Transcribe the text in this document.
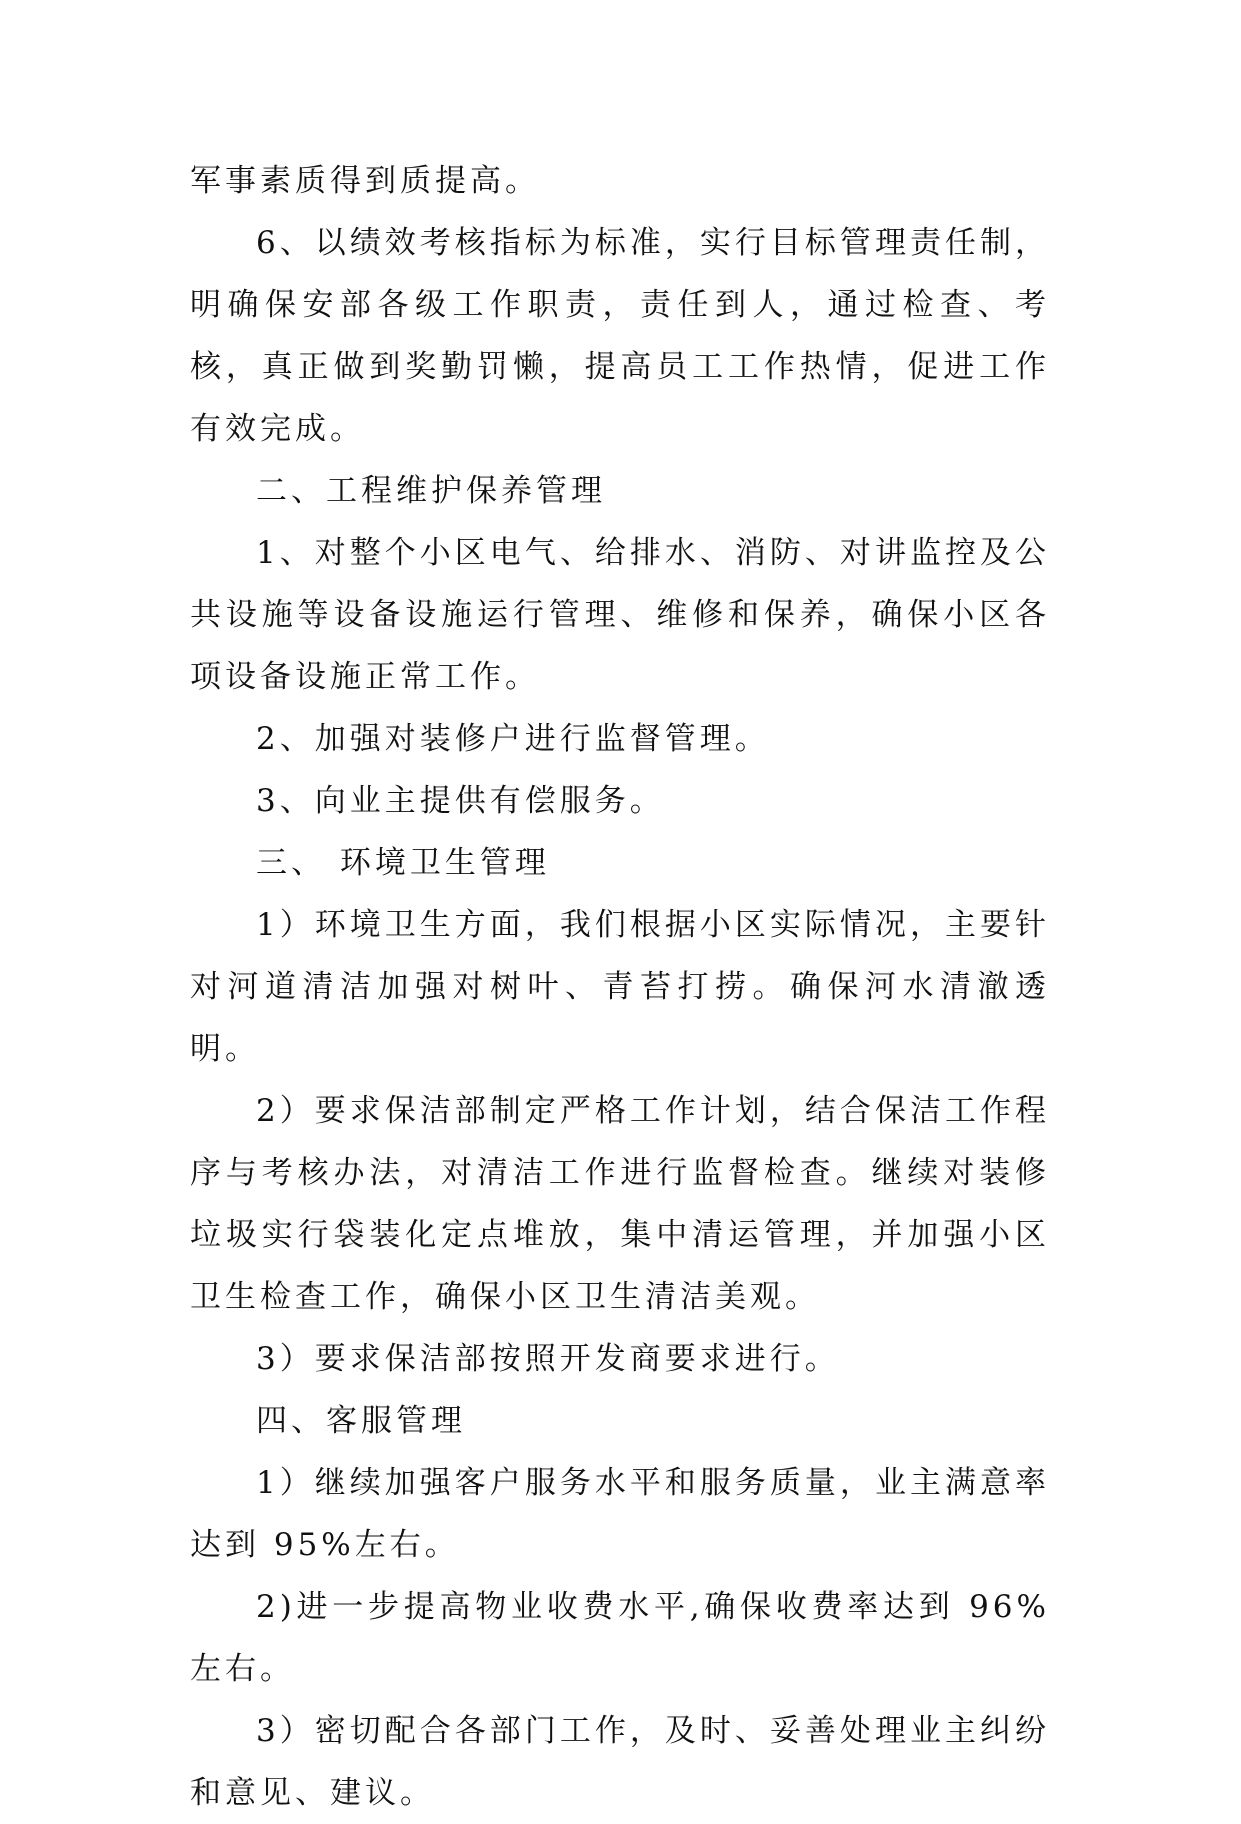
军事素质得到质提高。

6、以绩效考核指标为标准，实行目标管理责任制，明确保安部各级工作职责，责任到人，通过检查、考核，真正做到奖勤罚懒，提高员工工作热情，促进工作有效完成。

二、工程维护保养管理

1、对整个小区电气、给排水、消防、对讲监控及公共设施等设备设施运行管理、维修和保养，确保小区各项设备设施正常工作。

2、加强对装修户进行监督管理。

3、向业主提供有偿服务。

三、 环境卫生管理

1）环境卫生方面，我们根据小区实际情况，主要针对河道清洁加强对树叶、青苔打捞。确保河水清澈透明。

2）要求保洁部制定严格工作计划，结合保洁工作程序与考核办法，对清洁工作进行监督检查。继续对装修垃圾实行袋装化定点堆放，集中清运管理，并加强小区卫生检查工作，确保小区卫生清洁美观。

3）要求保洁部按照开发商要求进行。

四、客服管理

1）继续加强客户服务水平和服务质量，业主满意率达到 95%左右。

2)进一步提高物业收费水平,确保收费率达到 96%左右。

3）密切配合各部门工作，及时、妥善处理业主纠纷和意见、建议。
